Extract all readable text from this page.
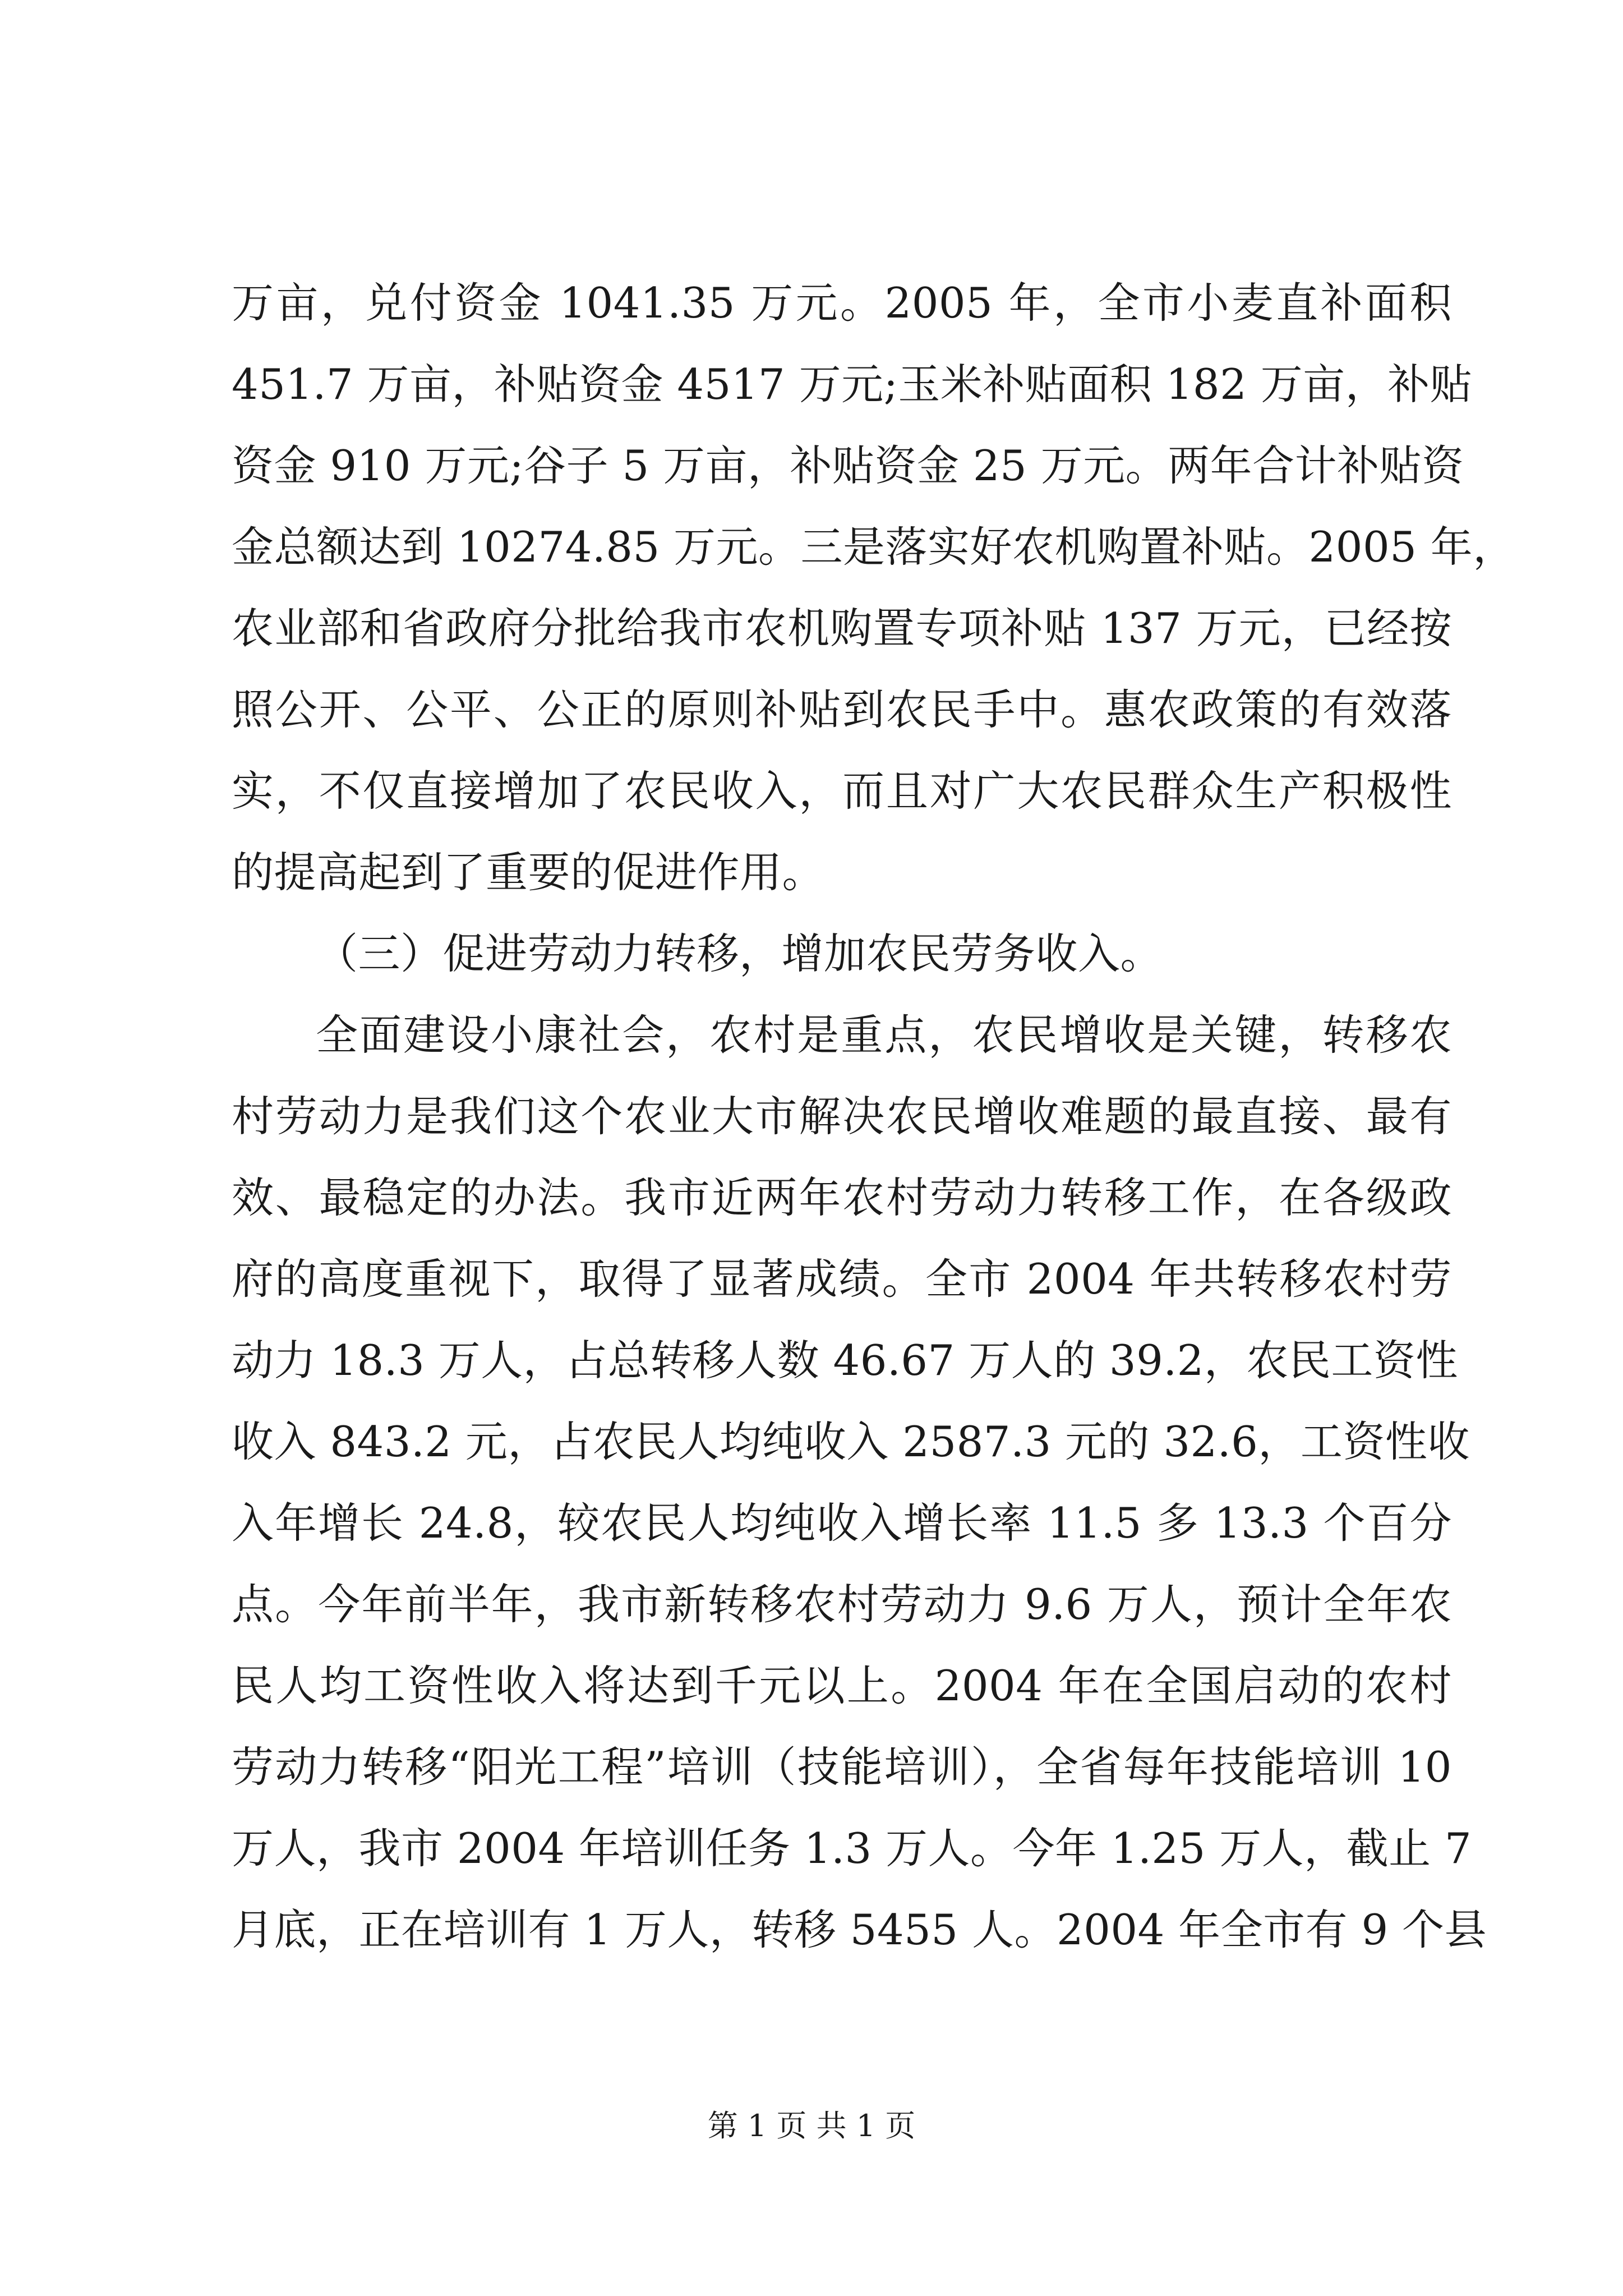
万亩，兑付资金 1041.35 万元。2005 年，全市小麦直补面积
451.7 万亩，补贴资金 4517 万元;玉米补贴面积 182 万亩，补贴
资金 910 万元;谷子 5 万亩，补贴资金 25 万元。两年合计补贴资
金总额达到 10274.85 万元。三是落实好农机购置补贴。2005 年，
农业部和省政府分批给我市农机购置专项补贴 137 万元，已经按
照公开、公平、公正的原则补贴到农民手中。惠农政策的有效落
实，不仅直接增加了农民收入，而且对广大农民群众生产积极性
的提高起到了重要的促进作用。
（三）促进劳动力转移，增加农民劳务收入。
全面建设小康社会，农村是重点，农民增收是关键，转移农
村劳动力是我们这个农业大市解决农民增收难题的最直接、最有
效、最稳定的办法。我市近两年农村劳动力转移工作，在各级政
府的高度重视下，取得了显著成绩。全市 2004 年共转移农村劳
动力 18.3 万人，占总转移人数 46.67 万人的 39.2，农民工资性
收入 843.2 元，占农民人均纯收入 2587.3 元的 32.6，工资性收
入年增长 24.8，较农民人均纯收入增长率 11.5 多 13.3 个百分
点。今年前半年，我市新转移农村劳动力 9.6 万人，预计全年农
民人均工资性收入将达到千元以上。2004 年在全国启动的农村
劳动力转移“阳光工程”培训（技能培训），全省每年技能培训 10
万人，我市 2004 年培训任务 1.3 万人。今年 1.25 万人，截止 7
月底，正在培训有 1 万人，转移 5455 人。2004 年全市有 9 个县
第 1 页 共 1 页
